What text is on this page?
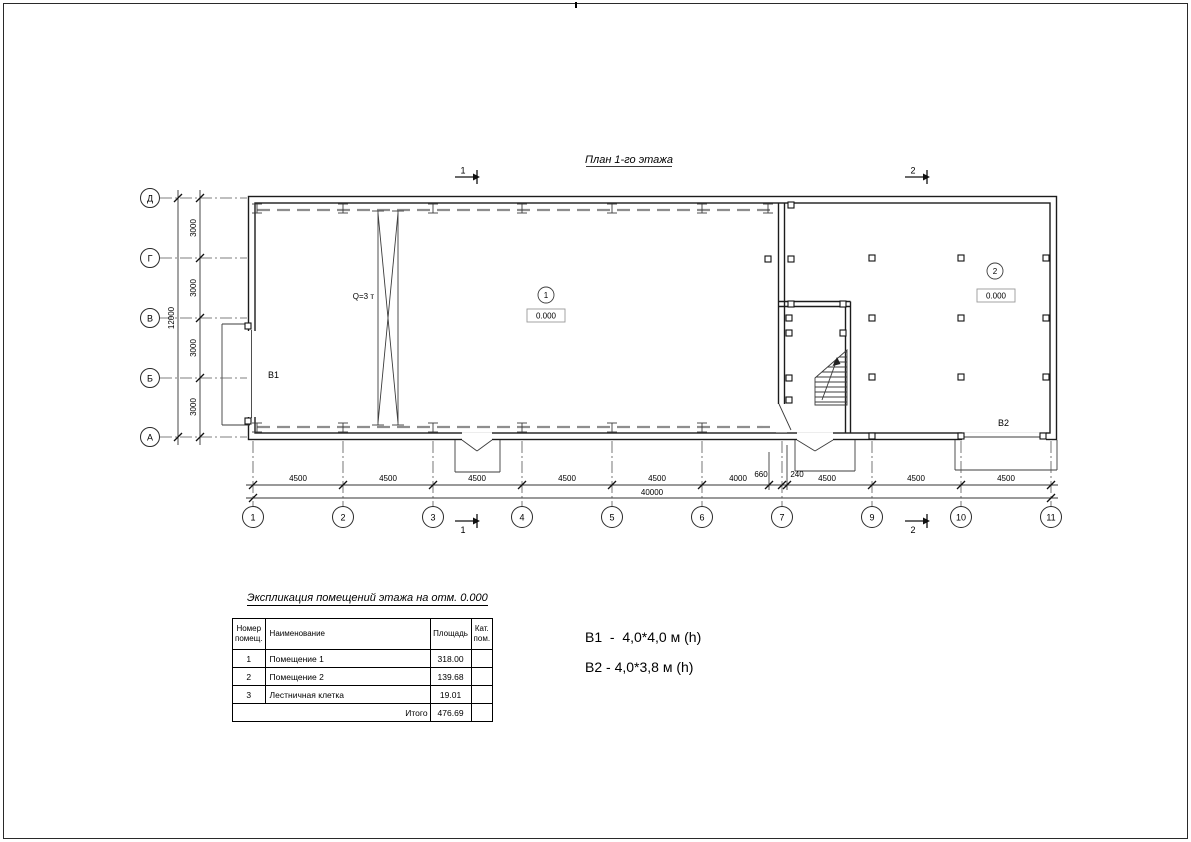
План 1-го этажа
1	2
Q=3 т
В1
В2
1
0.000
2
0.000
Д
Г
В
Б
А
3000
3000
3000
3000
12000
4500	4500	4500	4500	4500	4000	4500	4500	4500
660	240
40000
1	2	3	4	5	6	7	9	10	11
1	2
Экспликация помещений этажа на отм. 0.000
Номер
помещ.
	Наименование	Площадь	
Кат.
пом.

1	Помещение 1	318.00	
2	Помещение 2	139.68	
3	Лестничная клетка	19.01	
Итого		476.69	
В1  -  4,0*4,0 м (h)
В2 - 4,0*3,8 м (h)
